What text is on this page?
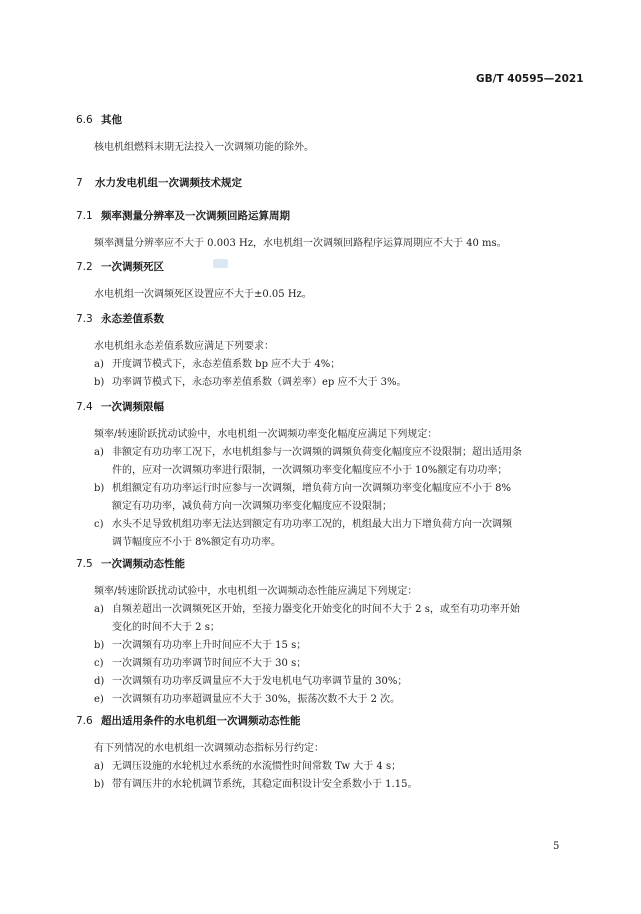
GB/T 40595—2021
6.6 其他
核电机组燃料末期无法投入一次调频功能的除外。
7 水力发电机组一次调频技术规定
7.1 频率测量分辨率及一次调频回路运算周期
频率测量分辨率应不大于 0.003 Hz，水电机组一次调频回路程序运算周期应不大于 40 ms。
7.2 一次调频死区
水电机组一次调频死区设置应不大于±0.05 Hz。
7.3 永态差值系数
水电机组永态差值系数应满足下列要求：
a) 开度调节模式下，永态差值系数 bp 应不大于 4%；
b) 功率调节模式下，永态功率差值系数（调差率）ep 应不大于 3%。
7.4 一次调频限幅
频率/转速阶跃扰动试验中，水电机组一次调频功率变化幅度应满足下列规定：
a) 非额定有功功率工况下，水电机组参与一次调频的调频负荷变化幅度应不设限制；超出适用条
件的，应对一次调频功率进行限制，一次调频功率变化幅度应不小于 10%额定有功功率；
b) 机组额定有功功率运行时应参与一次调频，增负荷方向一次调频功率变化幅度应不小于 8%
额定有功功率，减负荷方向一次调频功率变化幅度应不设限制；
c) 水头不足导致机组功率无法达到额定有功功率工况的，机组最大出力下增负荷方向一次调频
调节幅度应不小于 8%额定有功功率。
7.5 一次调频动态性能
频率/转速阶跃扰动试验中，水电机组一次调频动态性能应满足下列规定：
a) 自频差超出一次调频死区开始，至接力器变化开始变化的时间不大于 2 s，或至有功功率开始
变化的时间不大于 2 s；
b) 一次调频有功功率上升时间应不大于 15 s；
c) 一次调频有功功率调节时间应不大于 30 s；
d) 一次调频有功功率反调量应不大于发电机电气功率调节量的 30%；
e) 一次调频有功功率超调量应不大于 30%，振荡次数不大于 2 次。
7.6 超出适用条件的水电机组一次调频动态性能
有下列情况的水电机组一次调频动态指标另行约定：
a) 无调压设施的水轮机过水系统的水流惯性时间常数 Tw 大于 4 s；
b) 带有调压井的水轮机调节系统，其稳定面积设计安全系数小于 1.15。
5
